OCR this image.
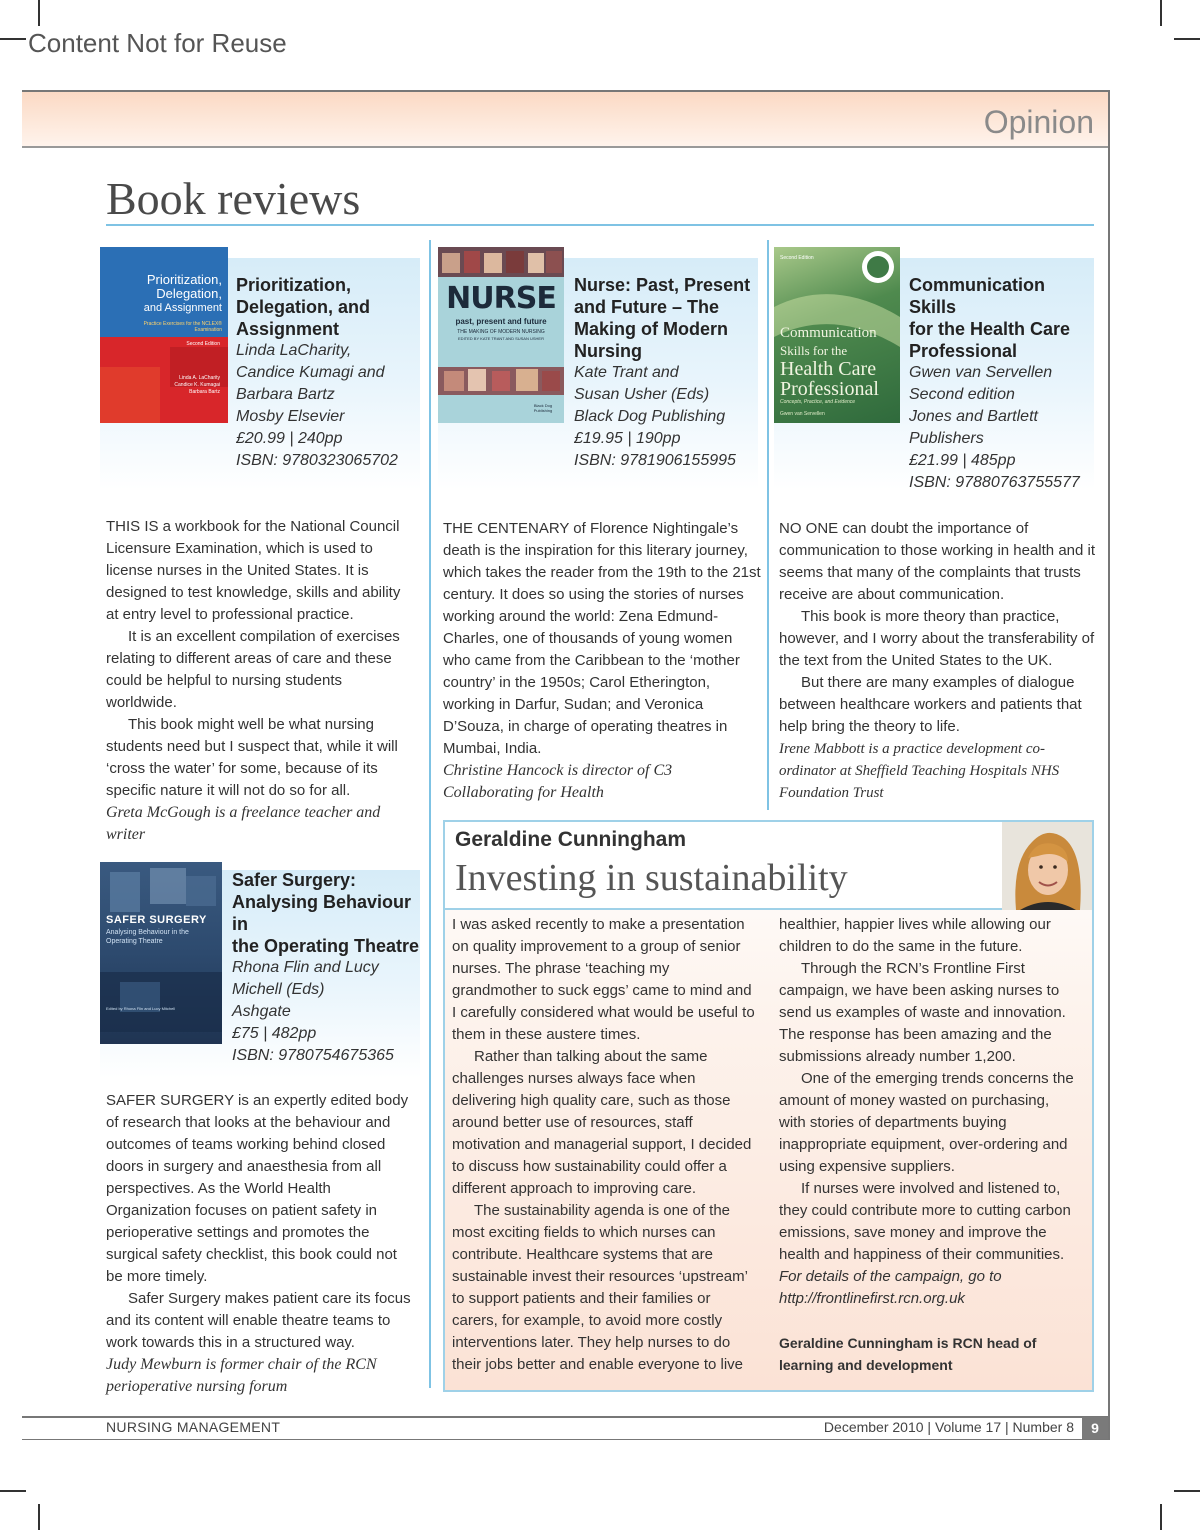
Content Not for Reuse
Opinion
Book reviews
Prioritization,
Delegation,
and Assignment
Practice Exercises for the NCLEX® Examination
Second Edition
Linda A. LaCharity
Candice K. Kumagai
Barbara Bartz
Prioritization,
Delegation, and
Assignment
Linda LaCharity,
Candice Kumagi and
Barbara Bartz
Mosby Elsevier
£20.99 | 240pp
ISBN: 9780323065702

THIS IS a workbook for the National Council Licensure Examination, which is used to license nurses in the United States. It is designed to test knowledge, skills and ability at entry level to professional practice.

It is an excellent compilation of exercises relating to different areas of care and these could be helpful to nursing students worldwide.

This book might well be what nursing students need but I suspect that, while it will ‘cross the water’ for some, because of its specific nature it will not do so for all.

Greta McGough is a freelance teacher and writer

NURSE
past, present and future
THE MAKING OF MODERN NURSING
EDITED BY KATE TRANT AND SUSAN USHER
Black Dog Publishing
Nurse: Past, Present
and Future – The
Making of Modern
Nursing
Kate Trant and
Susan Usher (Eds)
Black Dog Publishing
£19.95 | 190pp
ISBN: 9781906155995

THE CENTENARY of Florence Nightingale’s death is the inspiration for this literary journey, which takes the reader from the 19th to the 21st century. It does so using the stories of nurses working around the world: Zena Edmund-Charles, one of thousands of young women who came from the Caribbean to the ‘mother country’ in the 1950s; Carol Etherington, working in Darfur, Sudan; and Veronica D’Souza, in charge of operating theatres in Mumbai, India.

Christine Hancock is director of C3 Collaborating for Health

Second Edition
Communication
Skills for the
Health Care
Professional
Concepts, Practice, and Evidence
Gwen van Servellen
Communication Skills
for the Health Care
Professional
Gwen van Servellen
Second edition
Jones and Bartlett
Publishers
£21.99 | 485pp
ISBN: 97880763755577

NO ONE can doubt the importance of communication to those working in health and it seems that many of the complaints that trusts receive are about communication.

This book is more theory than practice, however, and I worry about the transferability of the text from the United States to the UK.

But there are many examples of dialogue between healthcare workers and patients that help bring the theory to life.

Irene Mabbott is a practice development co-ordinator at Sheffield Teaching Hospitals NHS Foundation Trust

SAFER SURGERY
Analysing Behaviour in the Operating Theatre
Edited by Rhona Flin and Lucy Mitchell
Safer Surgery:
Analysing Behaviour in
the Operating Theatre
Rhona Flin and Lucy
Michell (Eds)
Ashgate
£75 | 482pp
ISBN: 9780754675365

SAFER SURGERY is an expertly edited body of research that looks at the behaviour and outcomes of teams working behind closed doors in surgery and anaesthesia from all perspectives. As the World Health Organization focuses on patient safety in perioperative settings and promotes the surgical safety checklist, this book could not be more timely.

Safer Surgery makes patient care its focus and its content will enable theatre teams to work towards this in a structured way.

Judy Mewburn is former chair of the RCN perioperative nursing forum

Geraldine Cunningham
Investing in sustainability

I was asked recently to make a presentation on quality improvement to a group of senior nurses. The phrase ‘teaching my grandmother to suck eggs’ came to mind and I carefully considered what would be useful to them in these austere times.

Rather than talking about the same challenges nurses always face when delivering high quality care, such as those around better use of resources, staff motivation and managerial support, I decided to discuss how sustainability could offer a different approach to improving care.

The sustainability agenda is one of the most exciting fields to which nurses can contribute. Healthcare systems that are sustainable invest their resources ‘upstream’ to support patients and their families or carers, for example, to avoid more costly interventions later. They help nurses to do their jobs better and enable everyone to live

healthier, happier lives while allowing our children to do the same in the future.

Through the RCN’s Frontline First campaign, we have been asking nurses to send us examples of waste and innovation. The response has been amazing and the submissions already number 1,200.

One of the emerging trends concerns the amount of money wasted on purchasing, with stories of departments buying inappropriate equipment, over-ordering and using expensive suppliers.

If nurses were involved and listened to, they could contribute more to cutting carbon emissions, save money and improve the health and happiness of their communities.

For details of the campaign, go to http://frontlinefirst.rcn.org.uk

Geraldine Cunningham is RCN head of learning and development

NURSING MANAGEMENT	December 2010 | Volume 17 | Number 8	9
